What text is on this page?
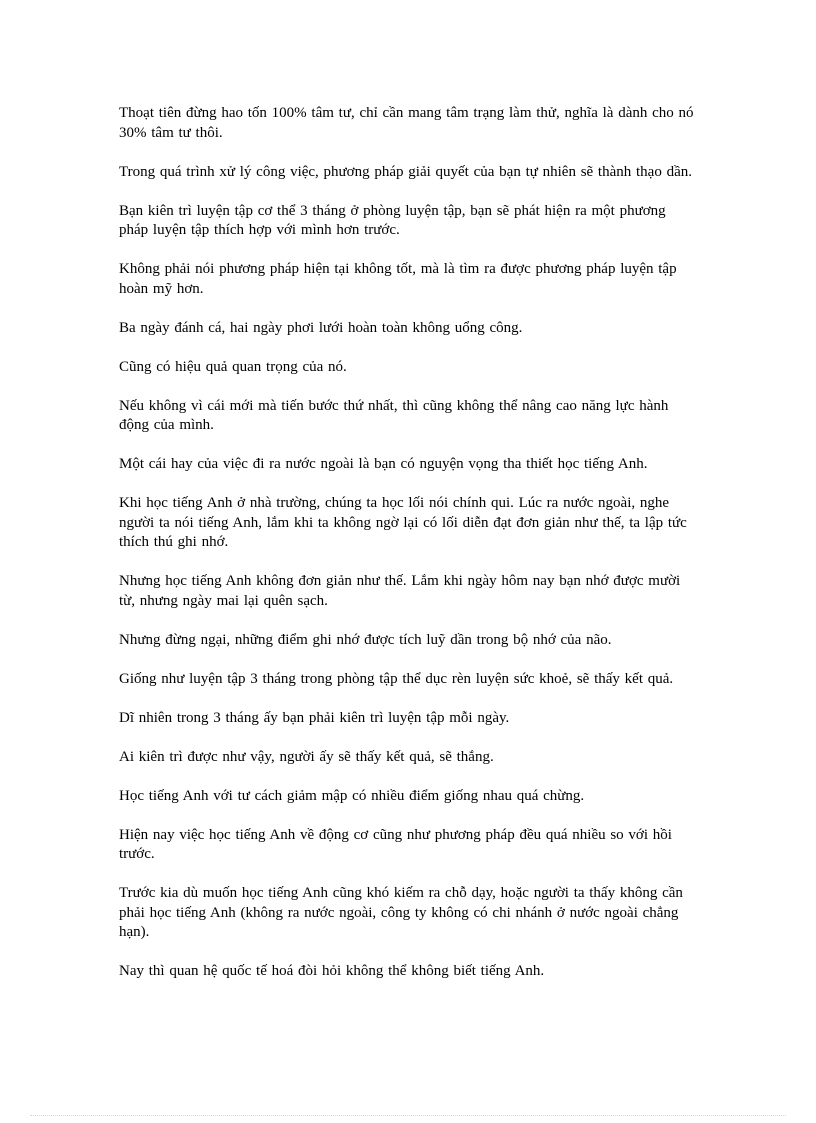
Thoạt tiên đừng hao tốn 100% tâm tư, chỉ cần mang tâm trạng làm thử, nghĩa là dành cho nó 30% tâm tư thôi.

Trong quá trình xử lý công việc, phương pháp giải quyết của bạn tự nhiên sẽ thành thạo dần.

Bạn kiên trì luyện tập cơ thể 3 tháng ở phòng luyện tập, bạn sẽ phát hiện ra một phương pháp luyện tập thích hợp với mình hơn trước.

Không phải nói phương pháp hiện tại không tốt, mà là tìm ra được phương pháp luyện tập hoàn mỹ hơn.

Ba ngày đánh cá, hai ngày phơi lưới hoàn toàn không uổng công.

Cũng có hiệu quả quan trọng của nó.

Nếu không vì cái mới mà tiến bước thứ nhất, thì cũng không thể nâng cao năng lực hành động của mình.

Một cái hay của việc đi ra nước ngoài là bạn có nguyện vọng tha thiết học tiếng Anh.

Khi học tiếng Anh ở nhà trường, chúng ta học lối nói chính qui. Lúc ra nước ngoài, nghe người ta nói tiếng Anh, lắm khi ta không ngờ lại có lối diễn đạt đơn giản như thế, ta lập tức thích thú ghi nhớ.

Nhưng học tiếng Anh không đơn giản như thế. Lắm khi ngày hôm nay bạn nhớ được mười từ, nhưng ngày mai lại quên sạch.

Nhưng đừng ngại, những điểm ghi nhớ được tích luỹ dần trong bộ nhớ của não.

Giống như luyện tập 3 tháng trong phòng tập thể dục rèn luyện sức khoẻ, sẽ thấy kết quả.

Dĩ nhiên trong 3 tháng ấy bạn phải kiên trì luyện tập mỗi ngày.

Ai kiên trì được như vậy, người ấy sẽ thấy kết quả, sẽ thắng.

Học tiếng Anh với tư cách giảm mập có nhiều điểm giống nhau quá chừng.

Hiện nay việc học tiếng Anh về động cơ cũng như phương pháp đều quá nhiều so với hồi trước.

Trước kia dù muốn học tiếng Anh cũng khó kiếm ra chỗ dạy, hoặc người ta thấy không cần phải học tiếng Anh (không ra nước ngoài, công ty không có chi nhánh ở nước ngoài chẳng hạn).

Nay thì quan hệ quốc tế hoá đòi hỏi không thể không biết tiếng Anh.
